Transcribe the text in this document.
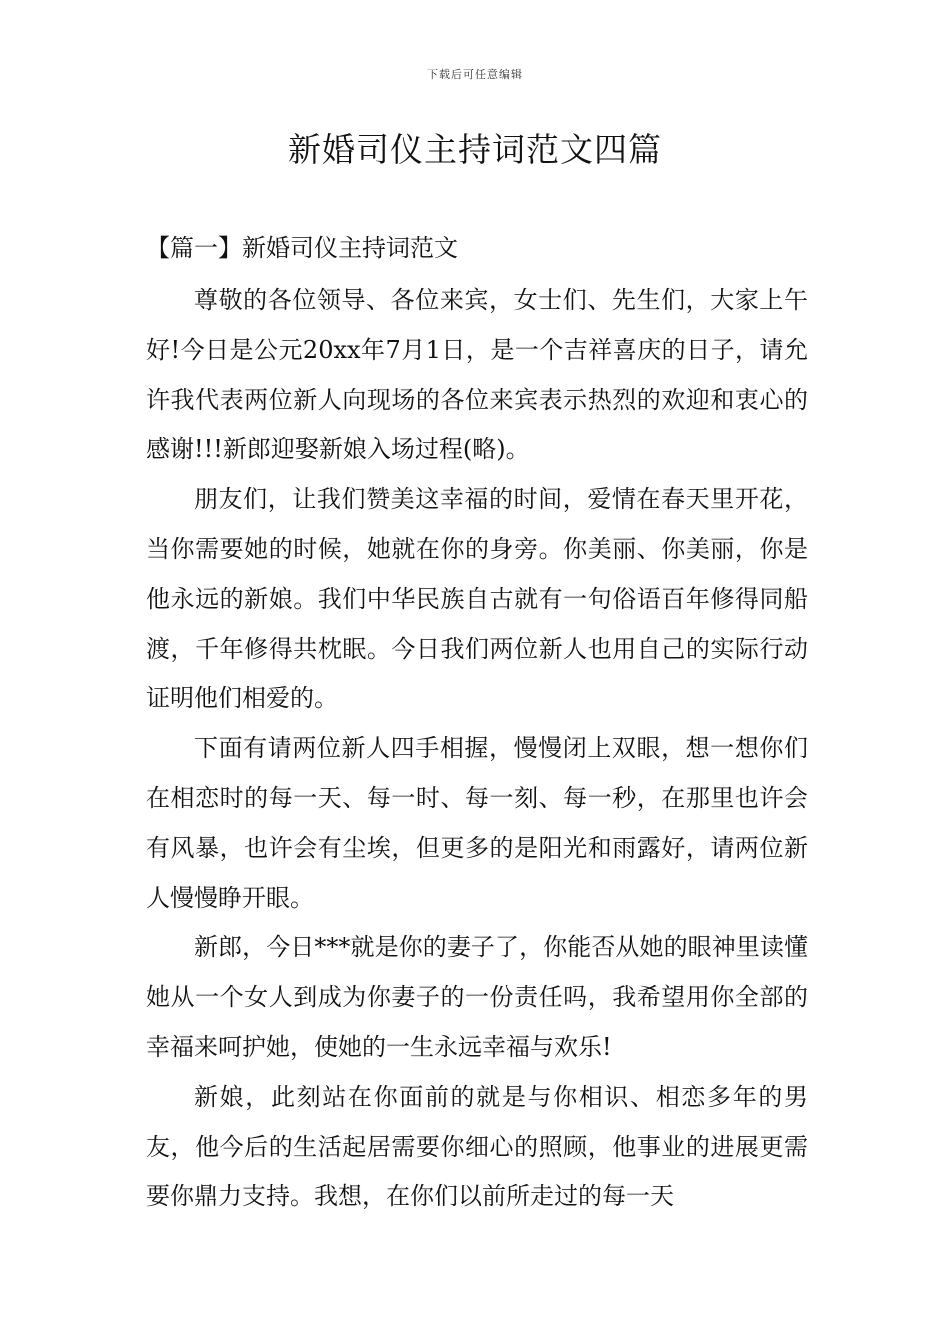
下载后可任意编辑
新婚司仪主持词范文四篇
【篇一】新婚司仪主持词范文

尊敬的各位领导、各位来宾，女士们、先生们，大家上午好!今日是公元20xx年7月1日，是一个吉祥喜庆的日子，请允许我代表两位新人向现场的各位来宾表示热烈的欢迎和衷心的感谢!!!新郎迎娶新娘入场过程(略)。

朋友们，让我们赞美这幸福的时间，爱情在春天里开花，当你需要她的时候，她就在你的身旁。你美丽、你美丽，你是他永远的新娘。我们中华民族自古就有一句俗语百年修得同船渡，千年修得共枕眠。今日我们两位新人也用自己的实际行动证明他们相爱的。

下面有请两位新人四手相握，慢慢闭上双眼，想一想你们在相恋时的每一天、每一时、每一刻、每一秒，在那里也许会有风暴，也许会有尘埃，但更多的是阳光和雨露好，请两位新人慢慢睁开眼。

新郎，今日***就是你的妻子了，你能否从她的眼神里读懂她从一个女人到成为你妻子的一份责任吗，我希望用你全部的幸福来呵护她，使她的一生永远幸福与欢乐!

新娘，此刻站在你面前的就是与你相识、相恋多年的男友，他今后的生活起居需要你细心的照顾，他事业的进展更需要你鼎力支持。我想，在你们以前所走过的每一天
